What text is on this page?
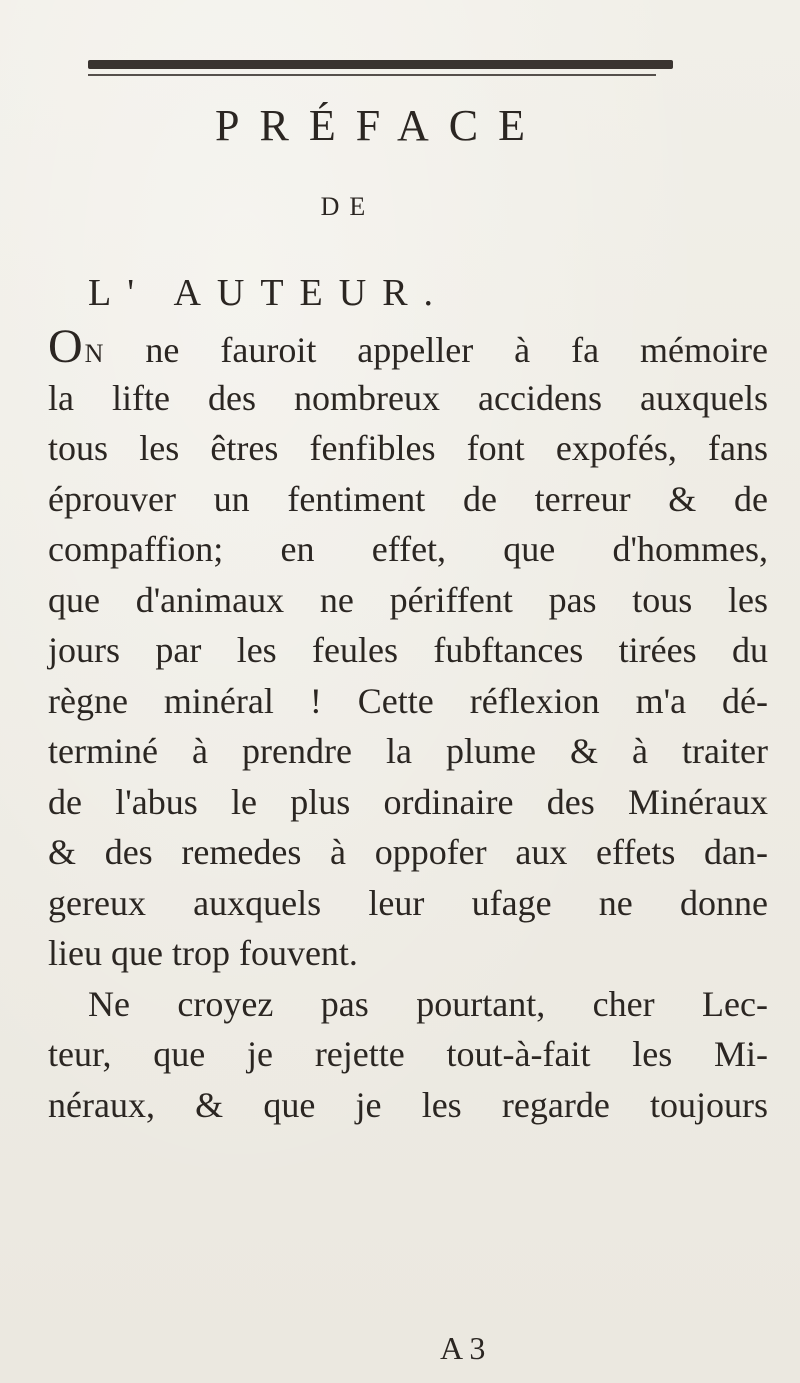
PRÉFACE

DE

L' AUTEUR.

ON ne fauroit appeller à fa mémoire
la lifte des nombreux accidens auxquels
tous les êtres fenfibles font expofés, fans
éprouver un fentiment de terreur & de
compaffion; en effet, que d'hommes,
que d'animaux ne périffent pas tous les
jours par les feules fubftances tirées du
règne minéral ! Cette réflexion m'a dé-
terminé à prendre la plume & à traiter
de l'abus le plus ordinaire des Minéraux
& des remedes à oppofer aux effets dan-
gereux auxquels leur ufage ne donne
lieu que trop fouvent.
Ne croyez pas pourtant, cher Lec-
teur, que je rejette tout-à-fait les Mi-
néraux, & que je les regarde toujours

A 3
